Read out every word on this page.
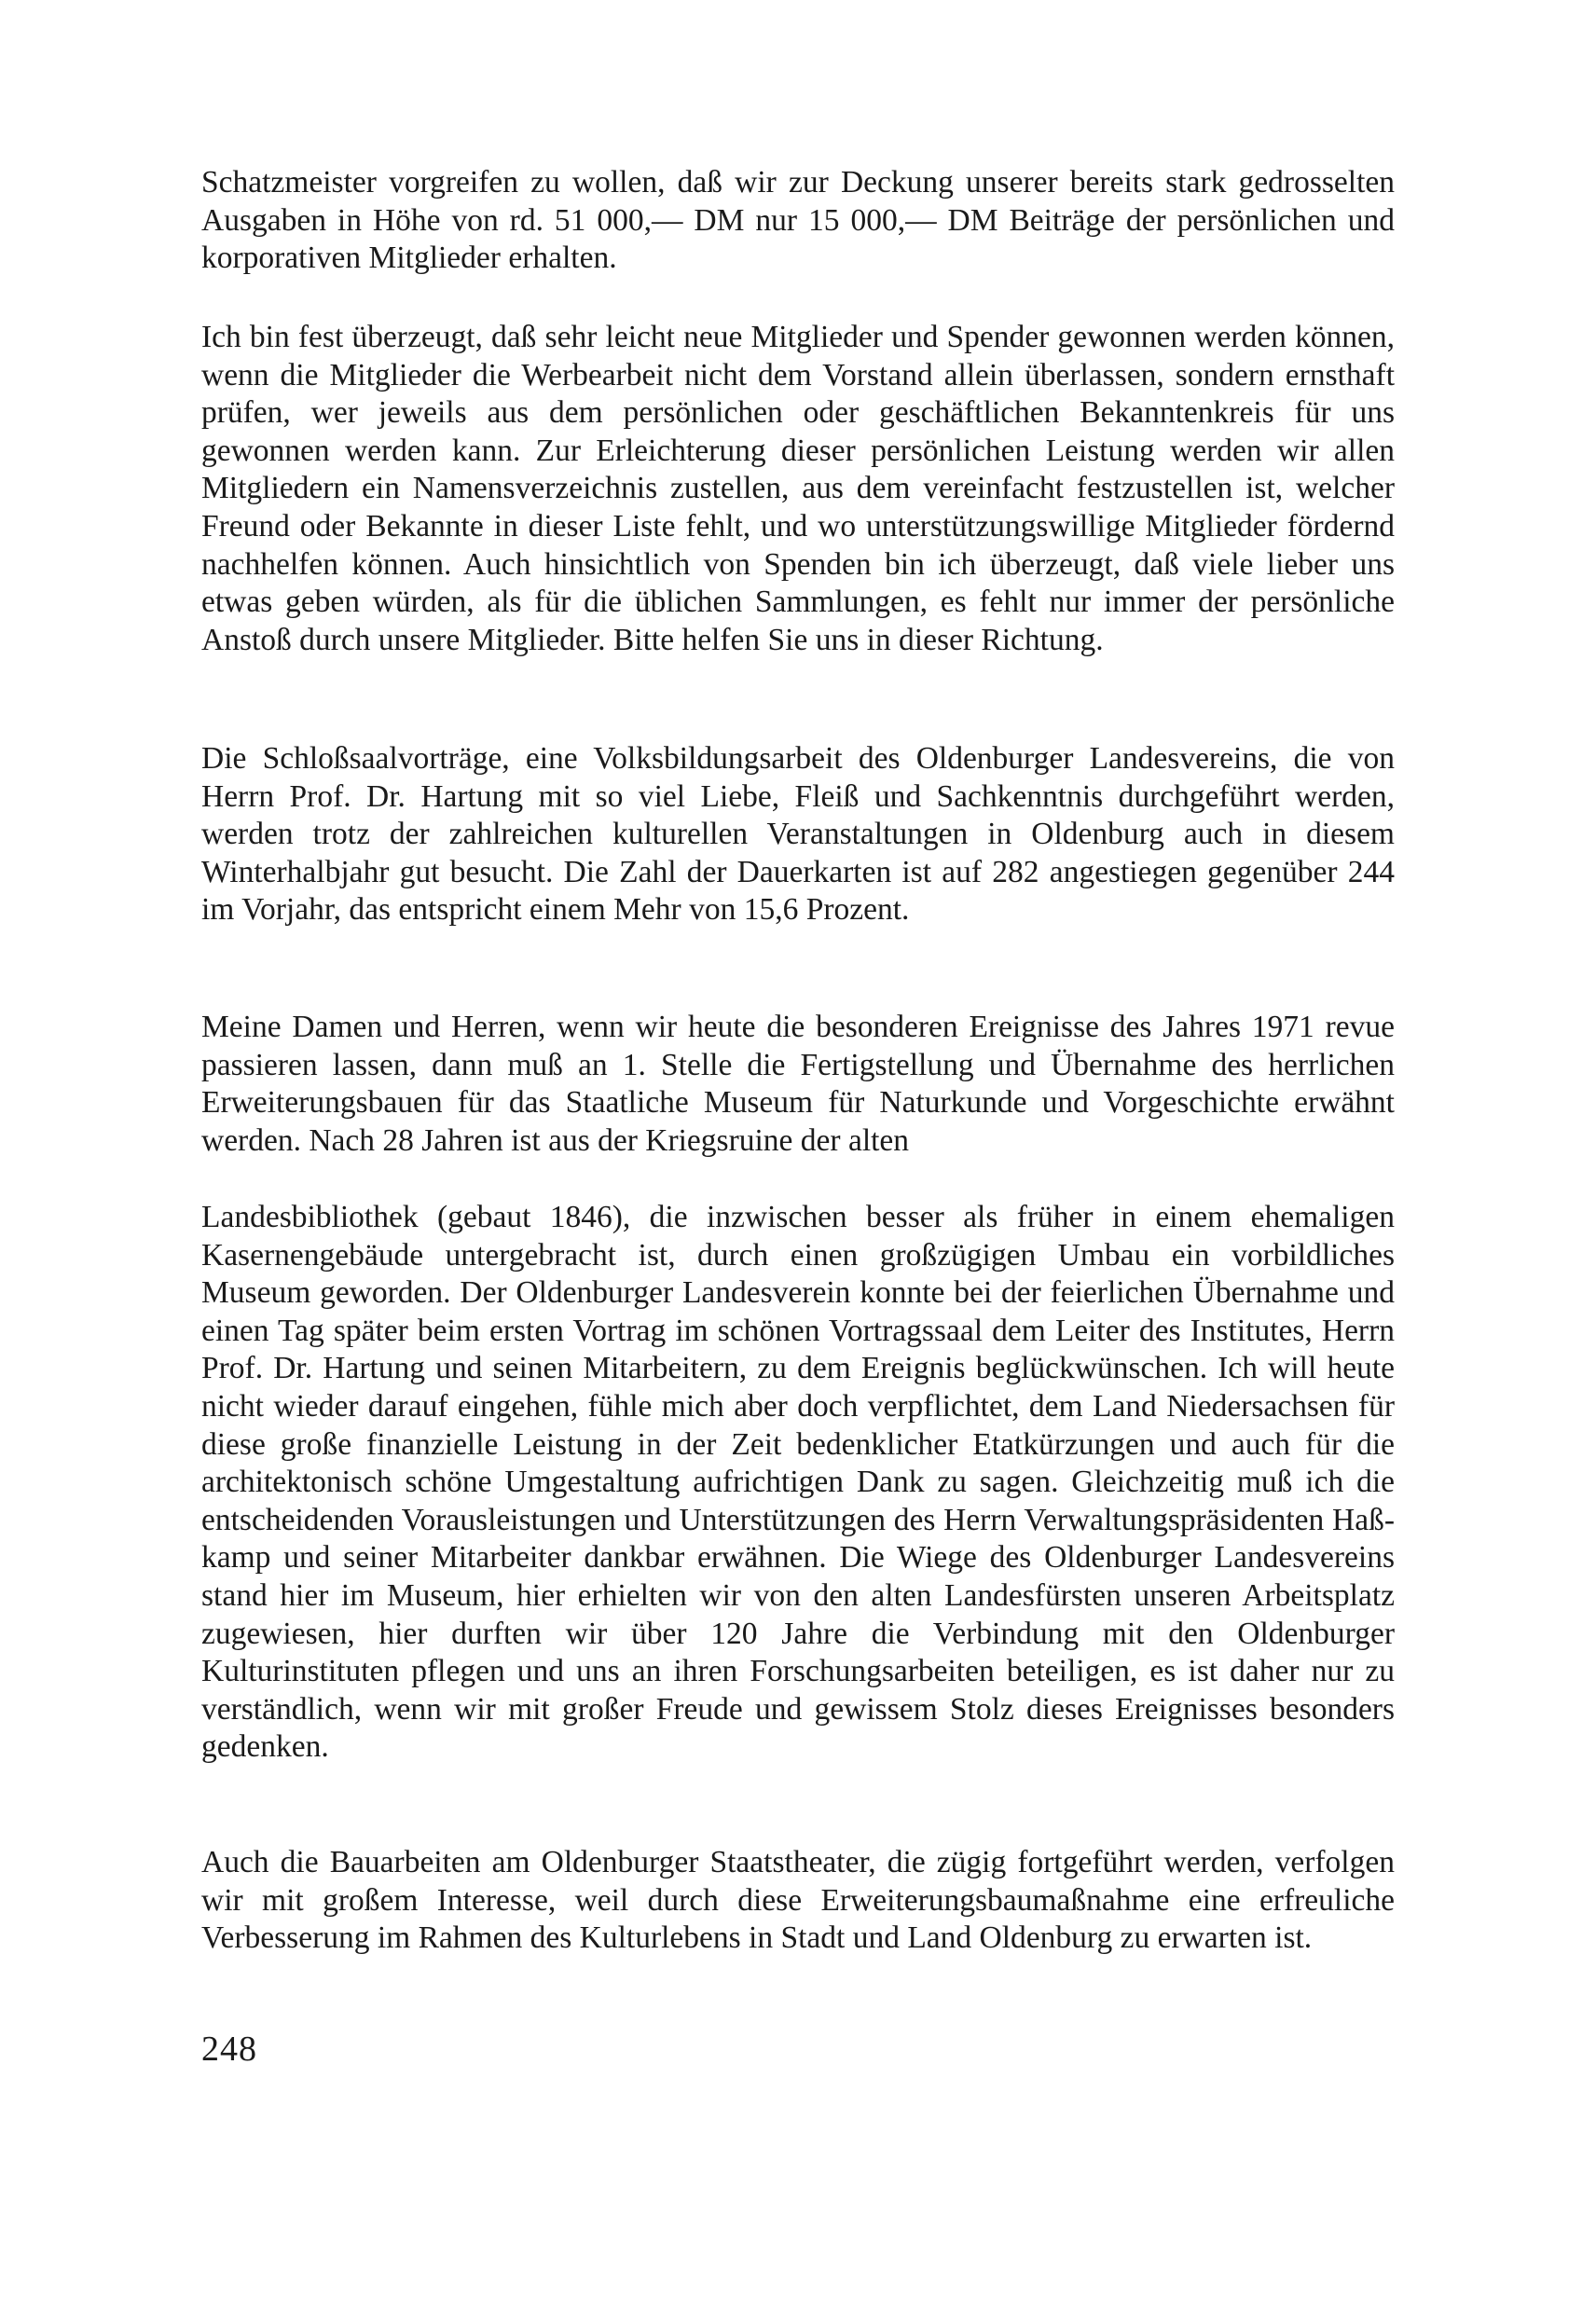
Schatzmeister vorgreifen zu wollen, daß wir zur Deckung unserer bereits stark gedrosselten Ausgaben in Höhe von rd. 51 000,— DM nur 15 000,— DM Beiträge der persönlichen und korporativen Mitglieder erhalten.

Ich bin fest überzeugt, daß sehr leicht neue Mitglieder und Spender gewonnen werden können, wenn die Mitglieder die Werbearbeit nicht dem Vorstand allein überlassen, sondern ernsthaft prüfen, wer jeweils aus dem persönlichen oder geschäftlichen Bekanntenkreis für uns gewonnen werden kann. Zur Erleichterung dieser persönlichen Leistung werden wir allen Mitgliedern ein Namensverzeichnis zustellen, aus dem vereinfacht festzustellen ist, welcher Freund oder Bekannte in dieser Liste fehlt, und wo unterstützungswillige Mitglieder fördernd nachhelfen können. Auch hinsichtlich von Spenden bin ich überzeugt, daß viele lieber uns etwas geben würden, als für die üblichen Sammlungen, es fehlt nur immer der persönliche Anstoß durch unsere Mitglieder. Bitte helfen Sie uns in dieser Richtung.

Die Schloßsaalvorträge, eine Volksbildungsarbeit des Oldenburger Landesvereins, die von Herrn Prof. Dr. Hartung mit so viel Liebe, Fleiß und Sachkenntnis durchgeführt werden, werden trotz der zahlreichen kulturellen Veranstaltungen in Oldenburg auch in diesem Winterhalbjahr gut besucht. Die Zahl der Dauerkarten ist auf 282 angestiegen gegenüber 244 im Vorjahr, das entspricht einem Mehr von 15,6 Prozent.

Meine Damen und Herren, wenn wir heute die besonderen Ereignisse des Jahres 1971 revue passieren lassen, dann muß an 1. Stelle die Fertigstellung und Übernahme des herrlichen Erweiterungsbauen für das Staatliche Museum für Naturkunde und Vorgeschichte erwähnt werden. Nach 28 Jahren ist aus der Kriegsruine der alten

Landesbibliothek (gebaut 1846), die inzwischen besser als früher in einem ehemaligen Kasernengebäude untergebracht ist, durch einen großzügigen Umbau ein vorbildliches Museum geworden. Der Oldenburger Landesverein konnte bei der feierlichen Übernahme und einen Tag später beim ersten Vortrag im schönen Vortragssaal dem Leiter des Institutes, Herrn Prof. Dr. Hartung und seinen Mitarbeitern, zu dem Ereignis beglückwünschen. Ich will heute nicht wieder darauf eingehen, fühle mich aber doch verpflichtet, dem Land Niedersachsen für diese große finanzielle Leistung in der Zeit bedenklicher Etatkürzungen und auch für die architektonisch schöne Umgestaltung aufrichtigen Dank zu sagen. Gleichzeitig muß ich die entscheidenden Vorausleistungen und Unterstützungen des Herrn Verwaltungspräsidenten Haßkamp und seiner Mitarbeiter dankbar erwähnen. Die Wiege des Oldenburger Landesvereins stand hier im Museum, hier erhielten wir von den alten Landesfürsten unseren Arbeitsplatz zugewiesen, hier durften wir über 120 Jahre die Verbindung mit den Oldenburger Kulturinstituten pflegen und uns an ihren Forschungsarbeiten beteiligen, es ist daher nur zu verständlich, wenn wir mit großer Freude und gewissem Stolz dieses Ereignisses besonders gedenken.

Auch die Bauarbeiten am Oldenburger Staatstheater, die zügig fortgeführt werden, verfolgen wir mit großem Interesse, weil durch diese Erweiterungsbaumaßnahme eine erfreuliche Verbesserung im Rahmen des Kulturlebens in Stadt und Land Oldenburg zu erwarten ist.

248
